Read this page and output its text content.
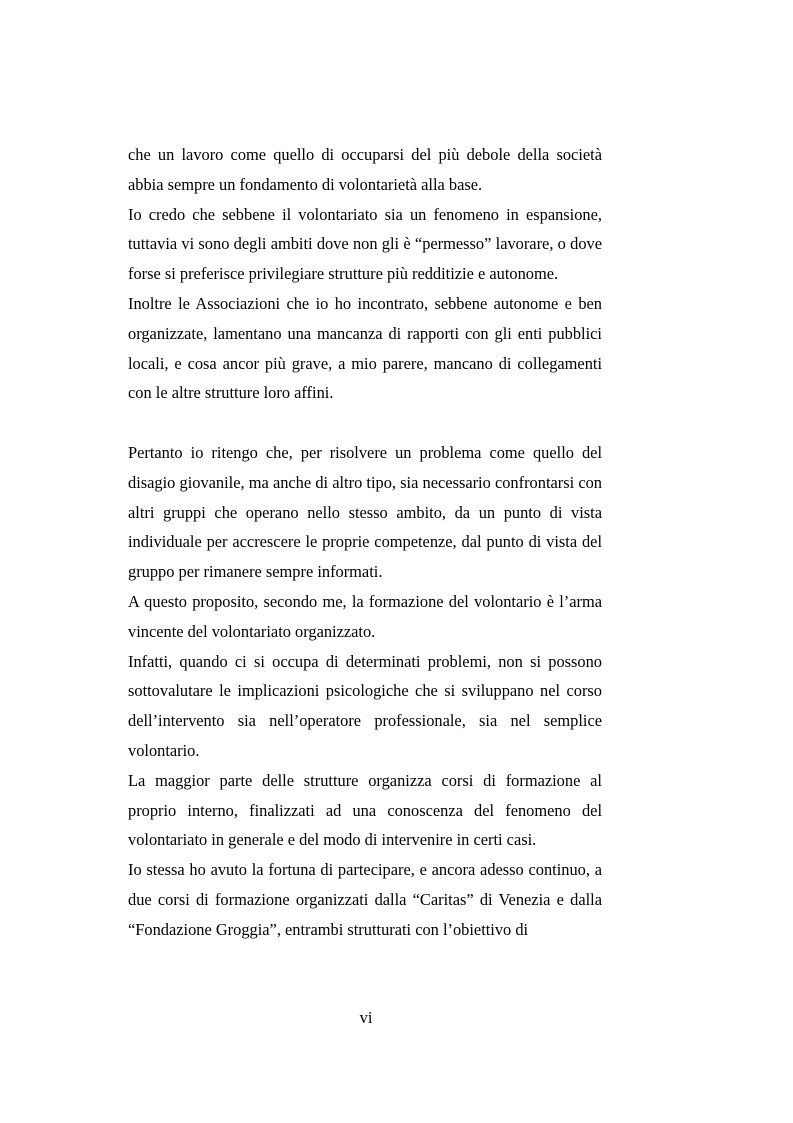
che un lavoro come quello di occuparsi del più debole della società abbia sempre un fondamento di volontarietà alla base.

Io credo che sebbene il volontariato sia un fenomeno in espansione, tuttavia vi sono degli ambiti dove non gli è “permesso” lavorare, o dove forse si preferisce privilegiare strutture più redditizie e autonome.

Inoltre le Associazioni che io ho incontrato, sebbene autonome e ben organizzate, lamentano una mancanza di rapporti con gli enti pubblici locali, e cosa ancor più grave, a mio parere, mancano di collegamenti con le altre strutture loro affini.

Pertanto io ritengo che, per risolvere un problema come quello del disagio giovanile, ma anche di altro tipo, sia necessario confrontarsi con altri gruppi che operano nello stesso ambito, da un punto di vista individuale per accrescere le proprie competenze, dal punto di vista del gruppo per rimanere sempre informati.

A questo proposito, secondo me, la formazione del volontario è l’arma vincente del volontariato organizzato.

Infatti, quando ci si occupa di determinati problemi, non si possono sottovalutare le implicazioni psicologiche che si sviluppano nel corso dell’intervento sia nell’operatore professionale, sia nel semplice volontario.

La maggior parte delle strutture organizza corsi di formazione al proprio interno, finalizzati ad una conoscenza del fenomeno del volontariato in generale e del modo di intervenire in certi casi.

Io stessa ho avuto la fortuna di partecipare, e ancora adesso continuo, a due corsi di formazione organizzati dalla “Caritas” di Venezia e dalla “Fondazione Groggia”, entrambi strutturati con l’obiettivo di

vi
